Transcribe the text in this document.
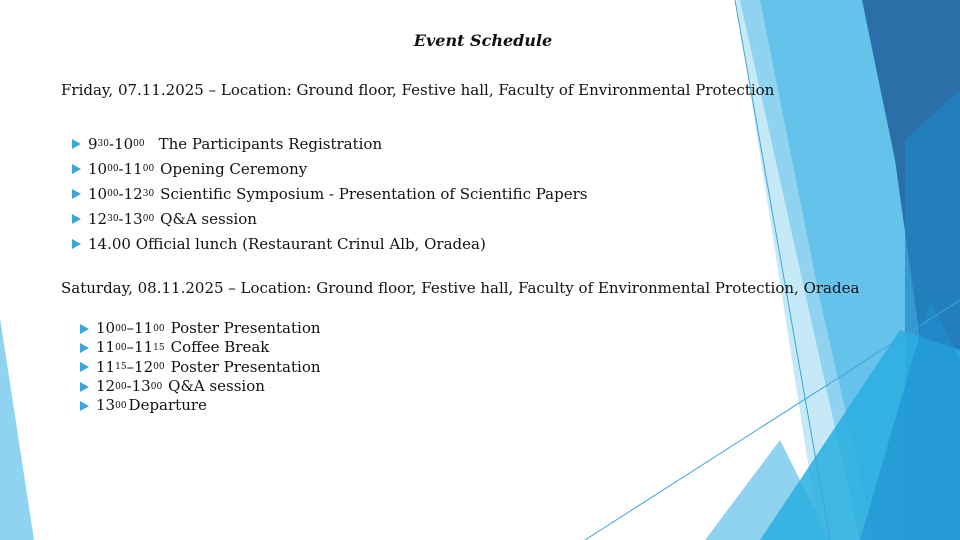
Event Schedule
Friday, 07.11.2025 – Location: Ground floor, Festive hall, Faculty of Environmental Protection
9 30 - 10 00 The Participants Registration
10 00 - 11 00 Opening Ceremony
10 00 - 12 30 Scientific Symposium - Presentation of Scientific Papers
12 30 - 13 00 Q&A session
14.00 Official lunch (Restaurant Crinul Alb, Oradea)
Saturday, 08.11.2025 – Location: Ground floor, Festive hall, Faculty of Environmental Protection, Oradea
10 00 – 11 00 Poster Presentation
11 00 – 11 15 Coffee Break
11 15 – 12 00 Poster Presentation
12 00 - 13 00 Q&A session
13 00 Departure
